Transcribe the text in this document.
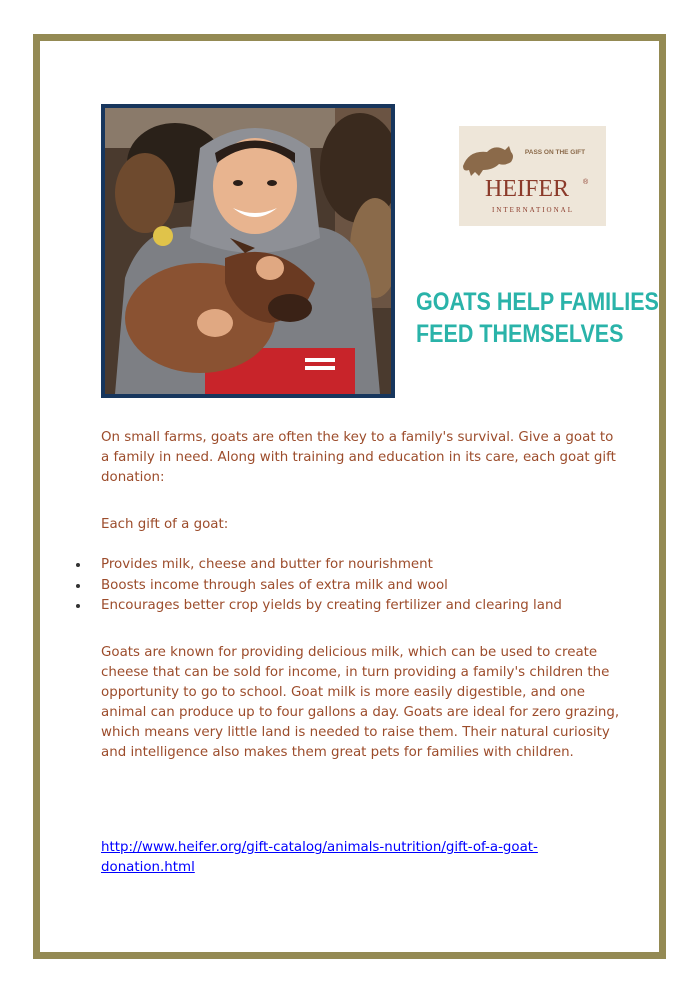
PASS ON THE GIFT
HEIFER ®
INTERNATIONAL
GOATS HELP FAMILIES
FEED THEMSELVES

On small farms, goats are often the key to a family's survival. Give a goat to a family in need. Along with training and education in its care, each goat gift donation:

Each gift of a goat:

Provides milk, cheese and butter for nourishment
Boosts income through sales of extra milk and wool
Encourages better crop yields by creating fertilizer and clearing land

Goats are known for providing delicious milk, which can be used to create cheese that can be sold for income, in turn providing a family's children the opportunity to go to school. Goat milk is more easily digestible, and one animal can produce up to four gallons a day. Goats are ideal for zero grazing, which means very little land is needed to raise them. Their natural curiosity and intelligence also makes them great pets for families with children.

http://www.heifer.org/gift-catalog/animals-nutrition/gift-of-a-goat-donation.html
